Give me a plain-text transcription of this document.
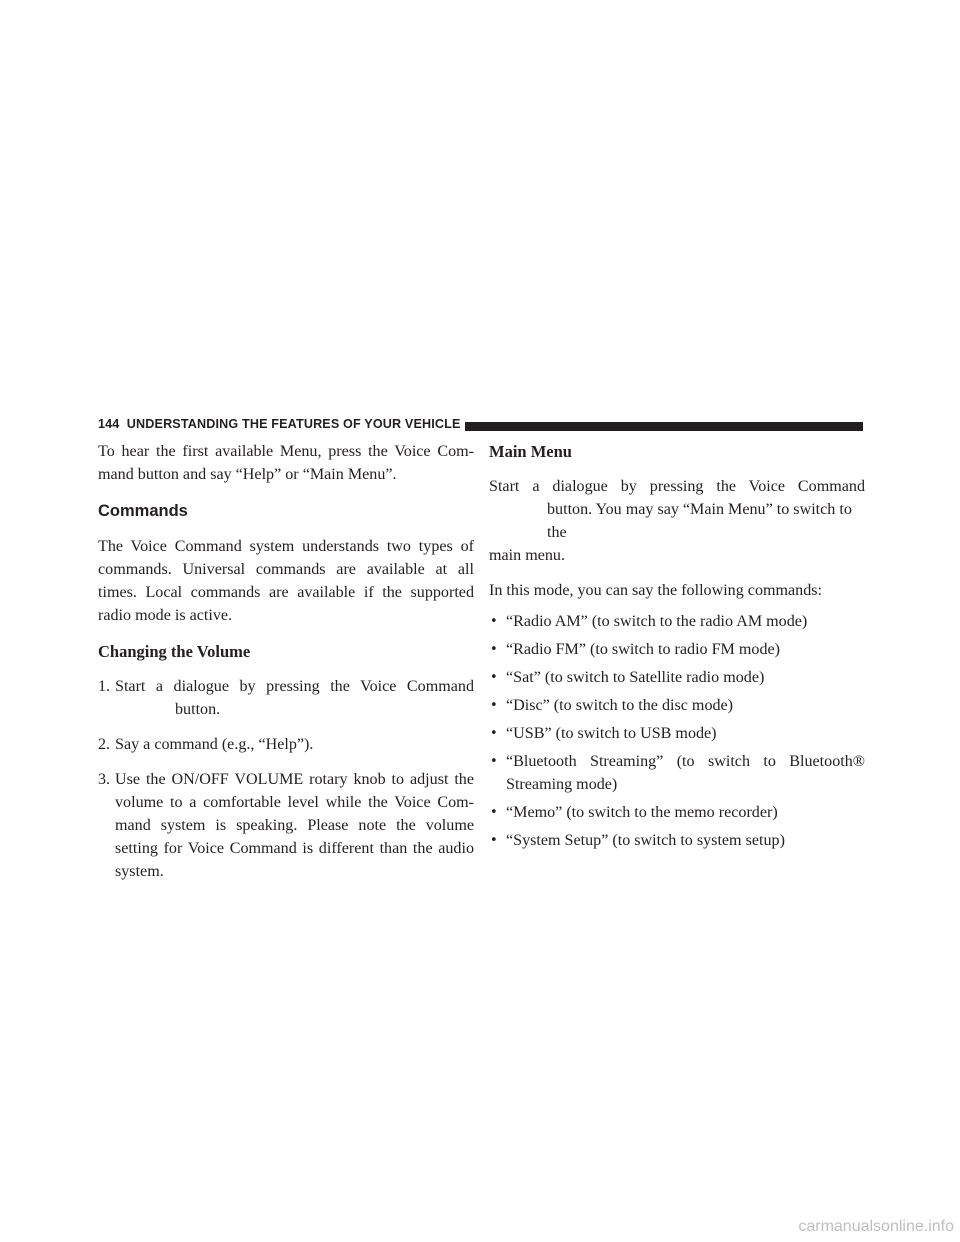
144 UNDERSTANDING THE FEATURES OF YOUR VEHICLE

To hear the first available Menu, press the Voice Com-

mand button and say “Help” or “Main Menu”.

Commands

The Voice Command system understands two types of commands. Universal commands are available at all times. Local commands are available if the supported radio mode is active.

Changing the Volume
1. Start a dialogue by pressing the Voice Command
button.
2. Say a command (e.g., “Help”).
3. Use the ON/OFF VOLUME rotary knob to adjust the volume to a comfortable level while the Voice Com- mand system is speaking. Please note the volume setting for Voice Command is different than the audio system.
Main Menu

Start a dialogue by pressing the Voice Command

button. You may say “Main Menu” to switch to the

main menu.

In this mode, you can say the following commands:

• “Radio AM” (to switch to the radio AM mode)
• “Radio FM” (to switch to radio FM mode)
• “Sat” (to switch to Satellite radio mode)
• “Disc” (to switch to the disc mode)
• “USB” (to switch to USB mode)
• “Bluetooth Streaming” (to switch to Bluetooth® Streaming mode)
• “Memo” (to switch to the memo recorder)
• “System Setup” (to switch to system setup)
carmanualsonline.info
